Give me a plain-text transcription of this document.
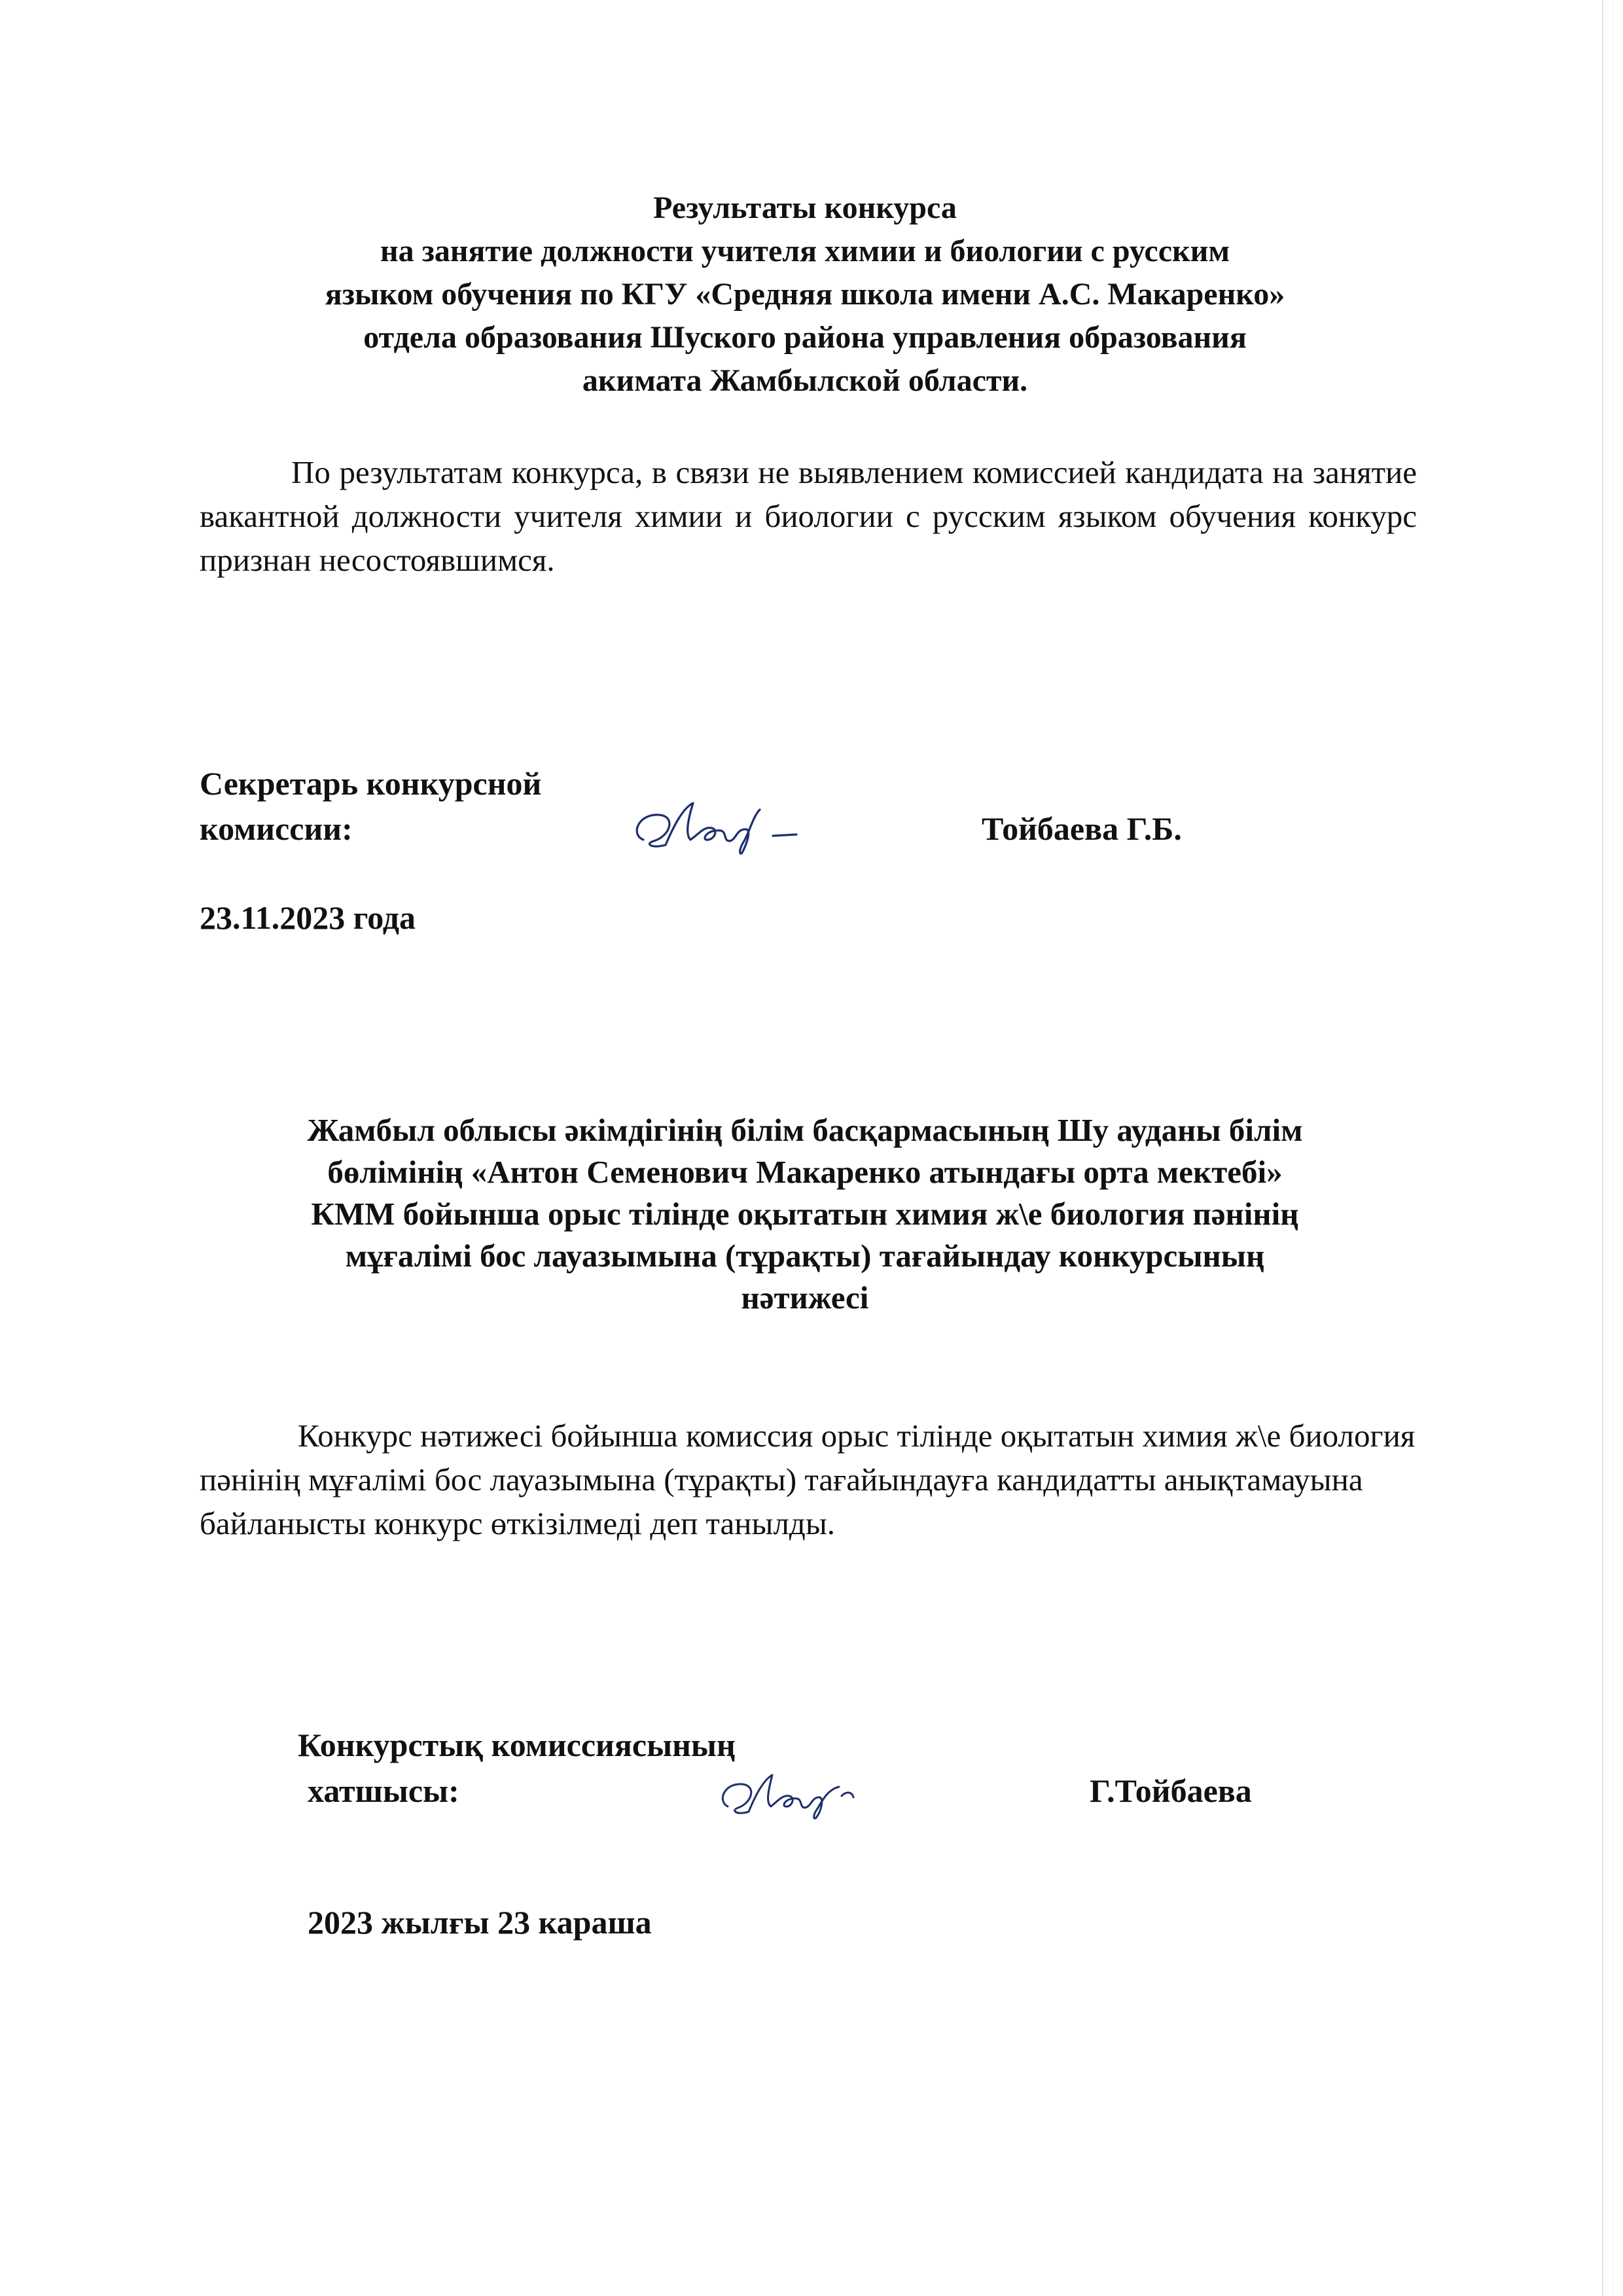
Результаты конкурса
на занятие должности учителя химии и биологии с русским
языком обучения по КГУ «Средняя школа имени А.С. Макаренко»
отдела образования Шуского района управления образования
акимата Жамбылской области.
По результатам конкурса, в связи не выявлением комиссией кандидата на занятие вакантной должности учителя химии и биологии с русским языком обучения конкурс признан несостоявшимся.
Секретарь конкурсной
комиссии:	Тойбаева Г.Б.
23.11.2023 года
Жамбыл облысы әкімдігінің білім басқармасының Шу ауданы білім
бөлімінің «Антон Семенович Макаренко атындағы орта мектебі»
КММ бойынша орыс тілінде оқытатын химия ж\е биология пәнінің
мұғалімі бос лауазымына (тұрақты) тағайындау конкурсының
нәтижесі
Конкурс нәтижесі бойынша комиссия орыс тілінде оқытатын химия ж\е биология пәнінің мұғалімі бос лауазымына (тұрақты) тағайындауға кандидатты анықтамауына байланысты конкурс өткізілмеді деп танылды.
Конкурстық комиссиясының
хатшысы:	Г.Тойбаева
2023 жылғы 23 караша
